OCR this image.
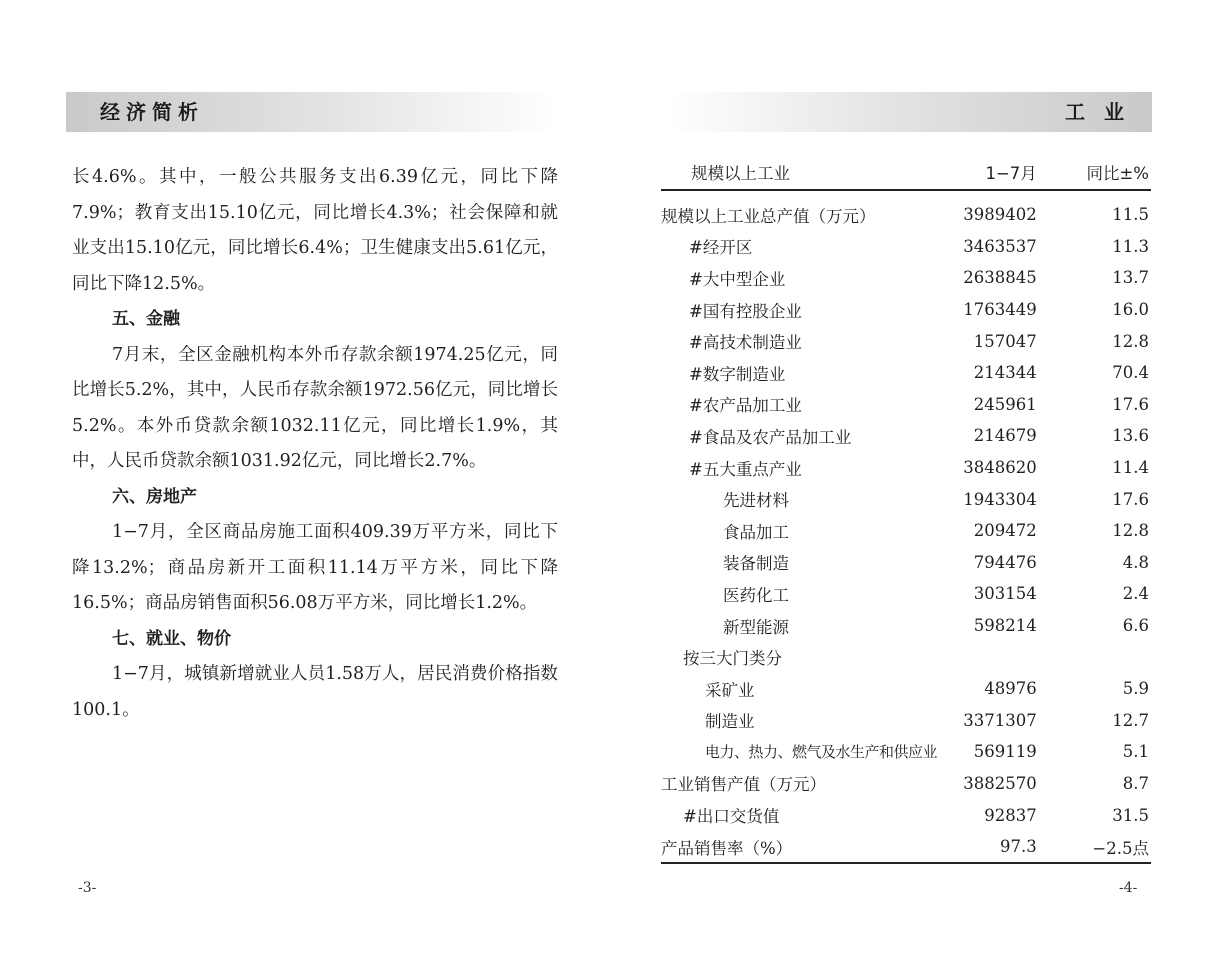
经济简析

长4.6%。其中，一般公共服务支出6.39亿元，同比下降7.9%；教育支出15.10亿元，同比增长4.3%；社会保障和就业支出15.10亿元，同比增长6.4%；卫生健康支出5.61亿元，同比下降12.5%。

五、金融

7月末，全区金融机构本外币存款余额1974.25亿元，同比增长5.2%，其中，人民币存款余额1972.56亿元，同比增长5.2%。本外币贷款余额1032.11亿元，同比增长1.9%，其中，人民币贷款余额1031.92亿元，同比增长2.7%。

六、房地产

1−7月，全区商品房施工面积409.39万平方米，同比下降13.2%；商品房新开工面积11.14万平方米，同比下降16.5%；商品房销售面积56.08万平方米，同比增长1.2%。

七、就业、物价

1−7月，城镇新增就业人员1.58万人，居民消费价格指数100.1。

-3-
工 业
规模以上工业	1−7月	同比±%
规模以上工业总产值（万元）	3989402	11.5
#经开区	3463537	11.3
#大中型企业	2638845	13.7
#国有控股企业	1763449	16.0
#高技术制造业	157047	12.8
#数字制造业	214344	70.4
#农产品加工业	245961	17.6
#食品及农产品加工业	214679	13.6
#五大重点产业	3848620	11.4
先进材料	1943304	17.6
食品加工	209472	12.8
装备制造	794476	4.8
医药化工	303154	2.4
新型能源	598214	6.6
按三大门类分		
采矿业	48976	5.9
制造业	3371307	12.7
电力、热力、燃气及水生产和供应业	569119	5.1
工业销售产值（万元）	3882570	8.7
#出口交货值	92837	31.5
产品销售率（%）	97.3	−2.5点
-4-
